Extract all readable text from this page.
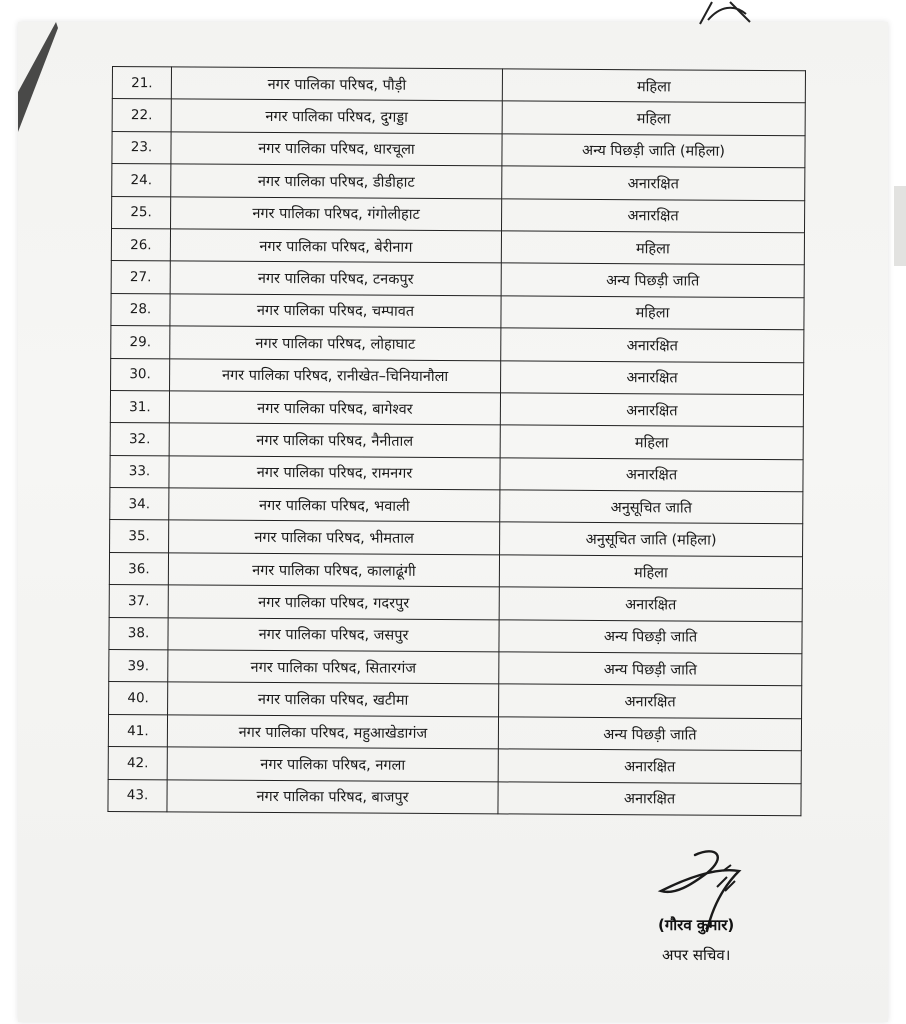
21.	नगर पालिका परिषद, पौड़ी	महिला
22.	नगर पालिका परिषद, दुगड्डा	महिला
23.	नगर पालिका परिषद, धारचूला	अन्य पिछड़ी जाति (महिला)
24.	नगर पालिका परिषद, डीडीहाट	अनारक्षित
25.	नगर पालिका परिषद, गंगोलीहाट	अनारक्षित
26.	नगर पालिका परिषद, बेरीनाग	महिला
27.	नगर पालिका परिषद, टनकपुर	अन्य पिछड़ी जाति
28.	नगर पालिका परिषद, चम्पावत	महिला
29.	नगर पालिका परिषद, लोहाघाट	अनारक्षित
30.	नगर पालिका परिषद, रानीखेत–चिनियानौला	अनारक्षित
31.	नगर पालिका परिषद, बागेश्वर	अनारक्षित
32.	नगर पालिका परिषद, नैनीताल	महिला
33.	नगर पालिका परिषद, रामनगर	अनारक्षित
34.	नगर पालिका परिषद, भवाली	अनुसूचित जाति
35.	नगर पालिका परिषद, भीमताल	अनुसूचित जाति (महिला)
36.	नगर पालिका परिषद, कालाढूंगी	महिला
37.	नगर पालिका परिषद, गदरपुर	अनारक्षित
38.	नगर पालिका परिषद, जसपुर	अन्य पिछड़ी जाति
39.	नगर पालिका परिषद, सितारगंज	अन्य पिछड़ी जाति
40.	नगर पालिका परिषद, खटीमा	अनारक्षित
41.	नगर पालिका परिषद, महुआखेडागंज	अन्य पिछड़ी जाति
42.	नगर पालिका परिषद, नगला	अनारक्षित
43.	नगर पालिका परिषद, बाजपुर	अनारक्षित
(गौरव कुमार)
अपर सचिव।
